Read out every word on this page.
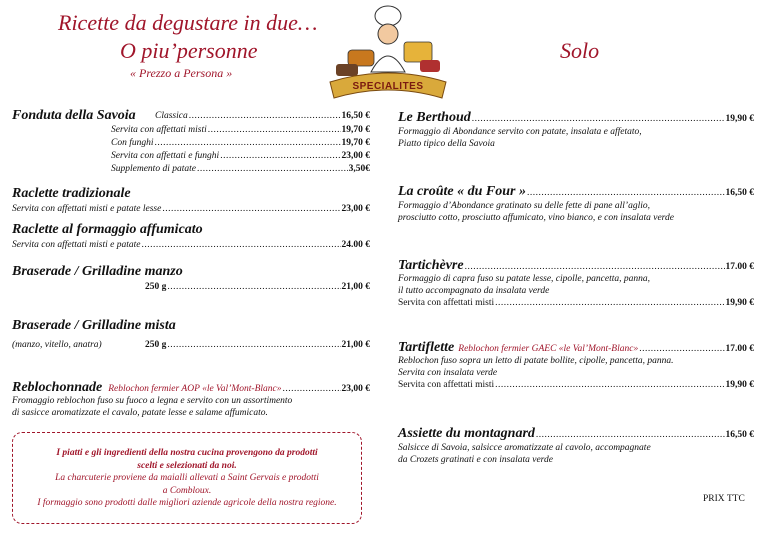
Ricette da degustare in due…
O piu’personne
« Prezzo a Persona »
Solo
SPECIALITES
Fonduta della Savoia Classica .....	16,50 €
Servita con affettati misti .....	19,70 €
Con funghi .....	19,70 €
Servita con affettati e funghi .....	23,00 €
Supplemento di patate .....	3,50€
Raclette tradizionale
Servita con affettati misti e patate lesse .....	23,00 €
Raclette al formaggio affumicato
Servita con affettati misti e patate .....	24.00 €
Braserade / Grilladine manzo
250 g .....	21,00 €
Braserade / Grilladine mista
(manzo, vitello, anatra)	250 g .....	21,00 €
Reblochonnade Reblochon fermier AOP «le Val’Mont-Blanc» .....	23,00 €
Fromaggio reblochon fuso su fuoco a legna e servito con un assortimento
di sasicce aromatizzate el cavalo, patate lesse e salame affumicato.
I piatti e gli ingredienti della nostra cucina provengono da prodotti
scelti e selezionati da noi.
La charcuterie proviene da maialli allevati a Saint Gervais e prodotti
a Combloux.
I formaggio sono prodotti dalle migliori aziende agricole della nostra regione.
Le Berthoud .....	19,90 €
Formaggio di Abondance servito con patate, insalata e affetato,
Piatto tipico della Savoia
La croûte « du Four » .....	16,50 €
Formaggio d’Abondance gratinato su delle fette di pane all’aglio,
prosciutto cotto, prosciutto affumicato, vino bianco, e con insalata verde
Tartichèvre .....	17.00 €
Formaggio di capra fuso su patate lesse, cipolle, pancetta, panna,
il tutto accompagnato da insalata verde
Servita con affettati misti .....	19,90 €
Tartiflette Reblochon fermier GAEC «le Val’Mont-Blanc» .....	17.00 €
Reblochon fuso sopra un letto di patate bollite, cipolle, pancetta, panna.
Servita con insalata verde
Servita con affettati misti .....	19,90 €
Assiette du montagnard .....	16,50 €
Salsicce di Savoia, salsicce aromatizzate al cavolo, accompagnate
da Crozets gratinati e con insalata verde
PRIX TTC
